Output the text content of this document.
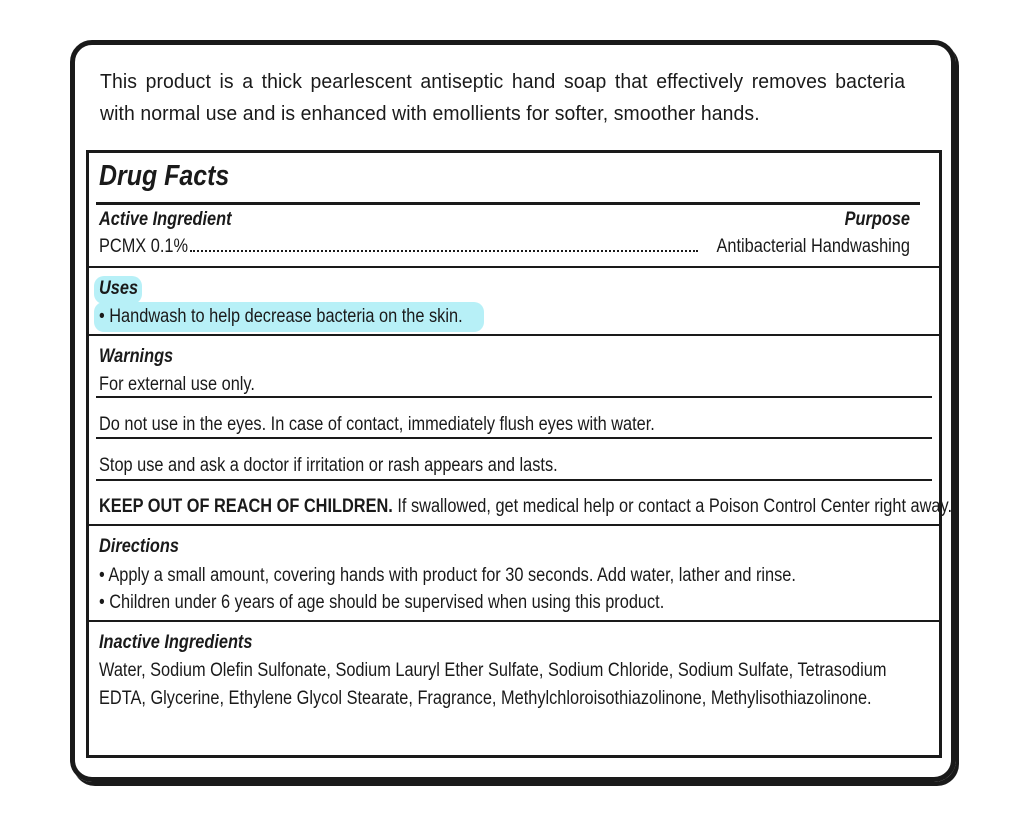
This product is a thick pearlescent antiseptic hand soap that effectively removes bacteria with normal use and is enhanced with emollients for softer, smoother hands.
Drug Facts
Active Ingredient	Purpose
PCMX 0.1%	Antibacterial Handwashing
Uses
• Handwash to help decrease bacteria on the skin.
Warnings
For external use only.
Do not use in the eyes. In case of contact, immediately flush eyes with water.
Stop use and ask a doctor if irritation or rash appears and lasts.
KEEP OUT OF REACH OF CHILDREN. If swallowed, get medical help or contact a Poison Control Center right away.
Directions
• Apply a small amount, covering hands with product for 30 seconds. Add water, lather and rinse.
• Children under 6 years of age should be supervised when using this product.
Inactive Ingredients
Water, Sodium Olefin Sulfonate, Sodium Lauryl Ether Sulfate, Sodium Chloride, Sodium Sulfate, Tetrasodium
EDTA, Glycerine, Ethylene Glycol Stearate, Fragrance, Methylchloroisothiazolinone, Methylisothiazolinone.
